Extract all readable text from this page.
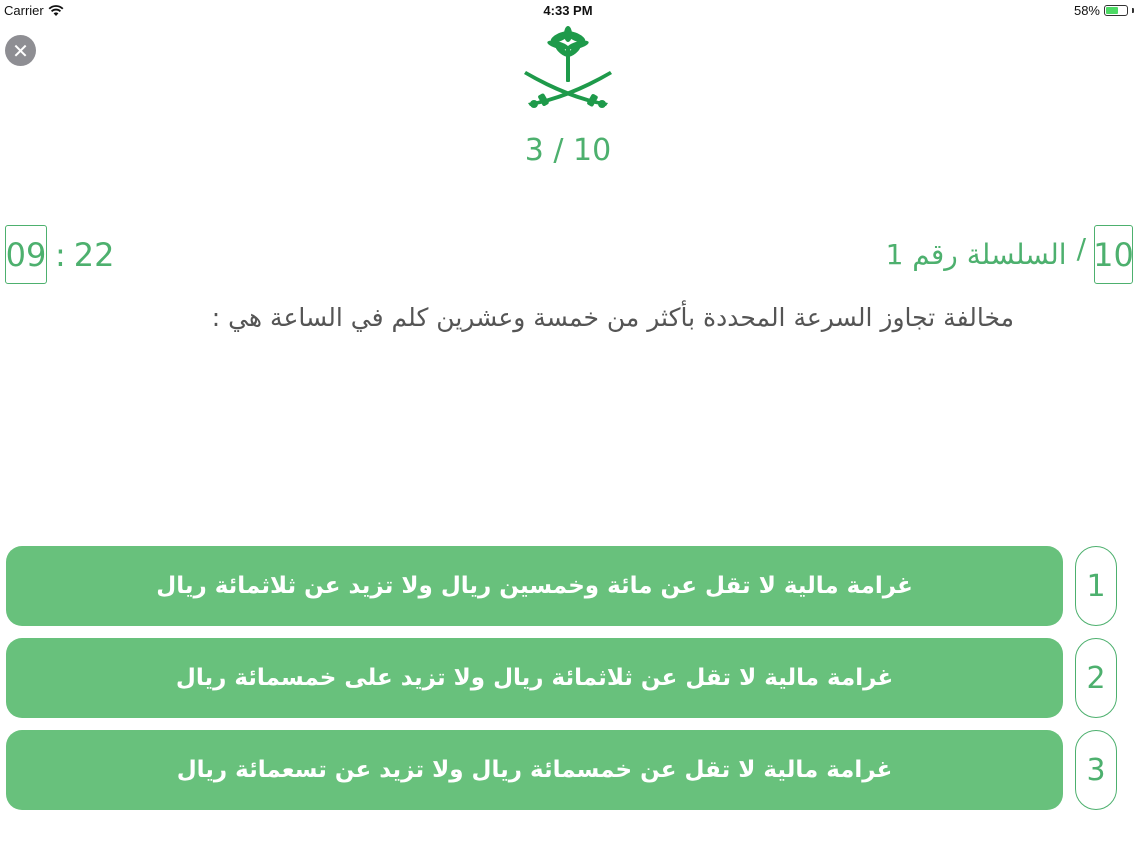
Carrier	4:33 PM	58%
✕
3 / 10
09 : 22	السلسلة رقم 1 / 10
مخالفة تجاوز السرعة المحددة بأكثر من خمسة وعشرين كلم في الساعة هي :
غرامة مالية لا تقل عن مائة وخمسين ريال ولا تزيد عن ثلاثمائة ريال	1
غرامة مالية لا تقل عن ثلاثمائة ريال ولا تزيد على خمسمائة ريال	2
غرامة مالية لا تقل عن خمسمائة ريال ولا تزيد عن تسعمائة ريال	3
